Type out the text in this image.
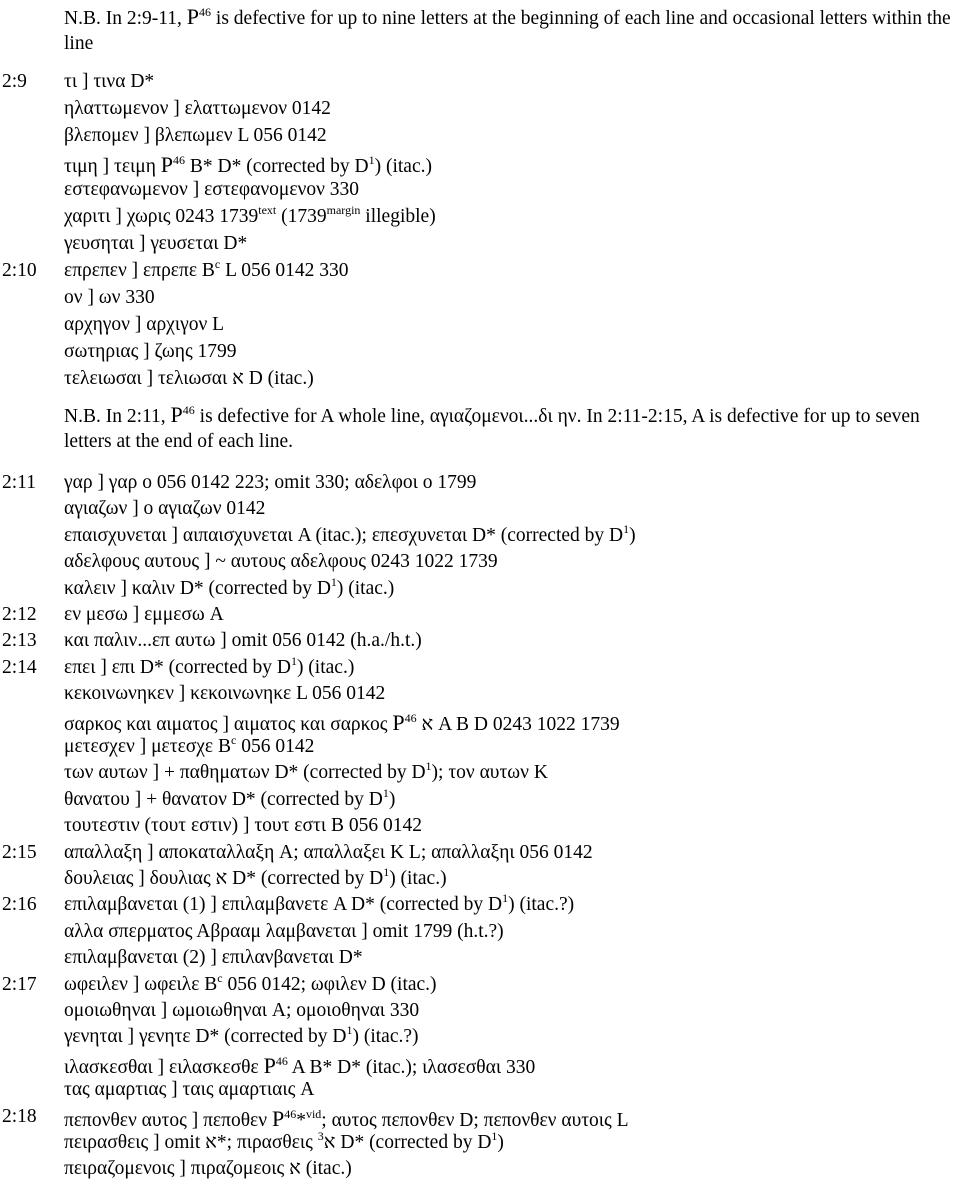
N.B. In 2:9-11, $P^{46}$ is defective for up to nine letters at the beginning of each line and occasional letters within the line
N.B. In 2:11, $P^{46}$ is defective for A whole line, αγιαζομενοι...δι ην. In 2:11-2:15, A is defective for up to seven letters at the end of each line.
2:9	τι ] τινα D*
ηλαττωμενον ] ελαττωμενον 0142
βλεπομεν ] βλεπωμεν L 056 0142
τιμη ] τειμη $P^{46}$ B* D* (corrected by $D^1$) (itac.)
εστεφανωμενον ] εστεφανομενον 330
χαριτι ] χωρις 0243 $1739^{text}$ ($1739^{margin}$ illegible)
γευσηται ] γευσεται D*
2:10	επρεπεν ] επρεπε $B^c$ L 056 0142 330
ον ] ων 330
αρχηγον ] αρχιγον L
σωτηριας ] ζωης 1799
τελειωσαι ] τελιωσαι א D (itac.)
2:11	γαρ ] γαρ ο 056 0142 223; omit 330; αδελφοι ο 1799
αγιαζων ] ο αγιαζων 0142
επαισχυνεται ] αιπαισχυνεται A (itac.); επεσχυνεται D* (corrected by $D^1$)
αδελφους αυτους ] ~ αυτους αδελφους 0243 1022 1739
καλειν ] καλιν D* (corrected by $D^1$) (itac.)
2:12	εν μεσω ] εμμεσω A
2:13	και παλιν...επ αυτω ] omit 056 0142 (h.a./h.t.)
2:14	επει ] επι D* (corrected by $D^1$) (itac.)
κεκοινωνηκεν ] κεκοινωνηκε L 056 0142
σαρκος και αιματος ] αιματος και σαρκος $P^{46}$ א A B D 0243 1022 1739
μετεσχεν ] μετεσχε $B^c$ 056 0142
των αυτων ] + παθηματων D* (corrected by $D^1$); τον αυτων K
θανατου ] + θανατον D* (corrected by $D^1$)
τουτεστιν (τουτ εστιν) ] τουτ εστι B 056 0142
2:15	απαλλαξη ] αποκαταλλαξη A; απαλλαξει K L; απαλλαξηι 056 0142
δουλειας ] δουλιας א D* (corrected by $D^1$) (itac.)
2:16	επιλαμβανεται (1) ] επιλαμβανετε A D* (corrected by $D^1$) (itac.?)
αλλα σπερματος Αβρααμ λαμβανεται ] omit 1799 (h.t.?)
επιλαμβανεται (2) ] επιλανβανεται D*
2:17	ωφειλεν ] ωφειλε $B^c$ 056 0142; ωφιλεν D (itac.)
ομοιωθηναι ] ωμοιωθηναι A; ομοιοθηναι 330
γενηται ] γενητε D* (corrected by $D^1$) (itac.?)
ιλασκεσθαι ] ειλασκεσθε $P^{46}$ A B* D* (itac.); ιλασεσθαι 330
τας αμαρτιας ] ταις αμαρτιαις A
2:18	πεπονθεν αυτος ] πεποθεν $P^{46}*^{vid}$; αυτος πεπονθεν D; πεπονθεν αυτοις L
πειρασθεις ] omit א*; πιρασθεις א$^3$ D* (corrected by $D^1$)
πειραζομενοις ] πιραζομεοις א (itac.)
